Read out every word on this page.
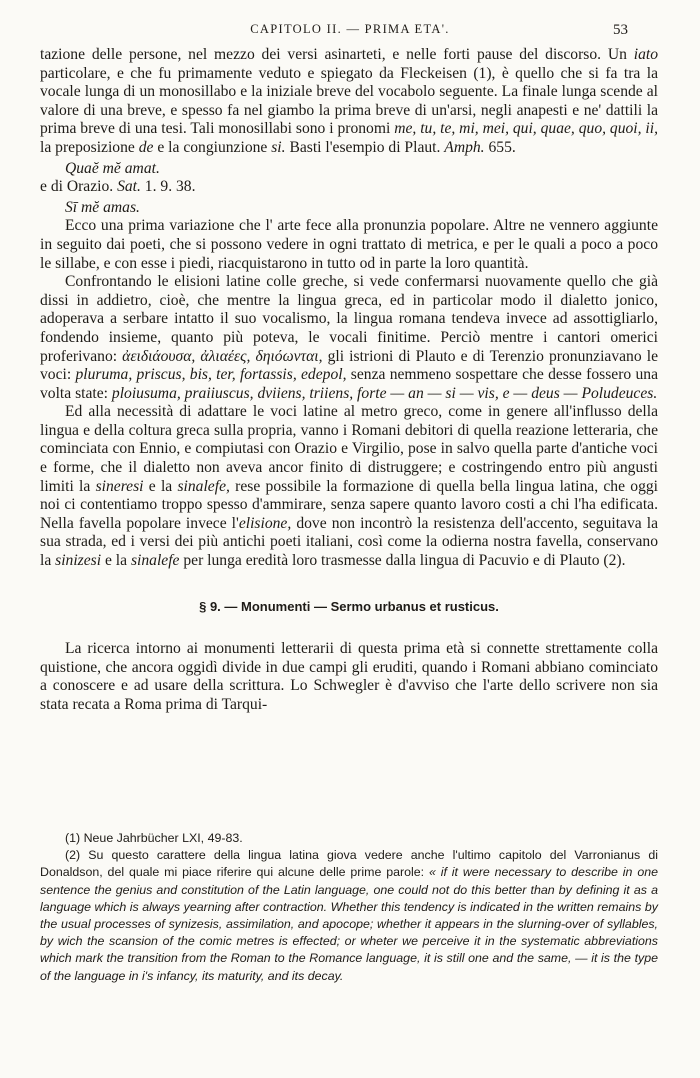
CAPITOLO II. — PRIMA ETA'.	53

tazione delle persone, nel mezzo dei versi asinarteti, e nelle forti pause del discorso. Un iato particolare, e che fu primamente veduto e spiegato da Fleckeisen (1), è quello che si fa tra la vocale lunga di un monosillabo e la iniziale breve del vocabolo seguente. La finale lunga scende al valore di una breve, e spesso fa nel giambo la prima breve di un'arsi, negli anapesti e ne' dattili la prima breve di una tesi. Tali monosillabi sono i pronomi me, tu, te, mi, mei, qui, quae, quo, quoi, ii, la preposizione de e la congiunzione si. Basti l'esempio di Plaut. Amph. 655.

Quaĕ mĕ amat.

e di Orazio. Sat. 1. 9. 38.

Sī mĕ amas.

Ecco una prima variazione che l' arte fece alla pronunzia popolare. Altre ne vennero aggiunte in seguito dai poeti, che si possono vedere in ogni trattato di metrica, e per le quali a poco a poco le sillabe, e con esse i piedi, riacquistarono in tutto od in parte la loro quantità.

Confrontando le elisioni latine colle greche, si vede confermarsi nuovamente quello che già dissi in addietro, cioè, che mentre la lingua greca, ed in particolar modo il dialetto jonico, adoperava a serbare intatto il suo vocalismo, la lingua romana tendeva invece ad assottigliarlo, fondendo insieme, quanto più poteva, le vocali finitime. Perciò mentre i cantori omerici proferivano: ἀειδιάουσα, ἀλιαέες, δηιόωνται, gli istrioni di Plauto e di Terenzio pronunziavano le voci: pluruma, priscus, bis, ter, fortassis, edepol, senza nemmeno sospettare che desse fossero una volta state: ploiusuma, praiiuscus, dviiens, triiens, forte — an — si — vis, e — deus — Poludeuces.

Ed alla necessità di adattare le voci latine al metro greco, come in genere all'influsso della lingua e della coltura greca sulla propria, vanno i Romani debitori di quella reazione letteraria, che cominciata con Ennio, e compiutasi con Orazio e Virgilio, pose in salvo quella parte d'antiche voci e forme, che il dialetto non aveva ancor finito di distruggere; e costringendo entro più angusti limiti la sineresi e la sinalefe, rese possibile la formazione di quella bella lingua latina, che oggi noi ci contentiamo troppo spesso d'ammirare, senza sapere quanto lavoro costi a chi l'ha edificata. Nella favella popolare invece l'elisione, dove non incontrò la resistenza dell'accento, seguitava la sua strada, ed i versi dei più antichi poeti italiani, così come la odierna nostra favella, conservano la sinizesi e la sinalefe per lunga eredità loro trasmesse dalla lingua di Pacuvio e di Plauto (2).

§ 9. — Monumenti — Sermo urbanus et rusticus.

La ricerca intorno ai monumenti letterarii di questa prima età si connette strettamente colla quistione, che ancora oggidì divide in due campi gli eruditi, quando i Romani abbiano cominciato a conoscere e ad usare della scrittura. Lo Schwegler è d'avviso che l'arte dello scrivere non sia stata recata a Roma prima di Tarqui-

(1) Neue Jahrbücher LXI, 49-83.

(2) Su questo carattere della lingua latina giova vedere anche l'ultimo capitolo del Varronianus di Donaldson, del quale mi piace riferire qui alcune delle prime parole: « if it were necessary to describe in one sentence the genius and constitution of the Latin language, one could not do this better than by defining it as a language which is always yearning after contraction. Whether this tendency is indicated in the written remains by the usual processes of synizesis, assimilation, and apocope; whether it appears in the slurning-over of syllables, by wich the scansion of the comic metres is effected; or wheter we perceive it in the systematic abbreviations which mark the transition from the Roman to the Romance language, it is still one and the same, — it is the type of the language in i's infancy, its maturity, and its decay.
